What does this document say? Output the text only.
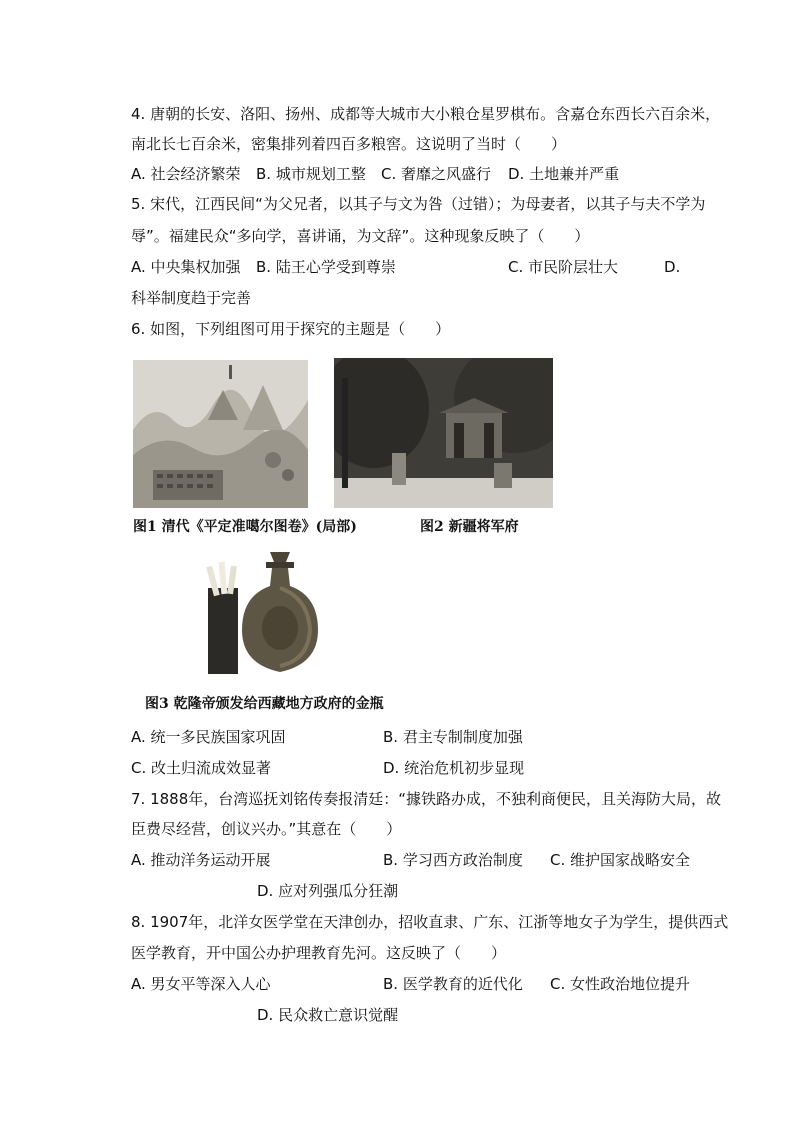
4. 唐朝的长安、洛阳、扬州、成都等大城市大小粮仓星罗棋布。含嘉仓东西长六百余米，
南北长七百余米，密集排列着四百多粮窖。这说明了当时（　　）
A. 社会经济繁荣 B. 城市规划工整 C. 奢靡之风盛行 D. 土地兼并严重
5. 宋代，江西民间“为父兄者，以其子与文为咎（过错）；为母妻者，以其子与夫不学为
辱”。福建民众“多向学，喜讲诵，为文辞”。这种现象反映了（　　）
A. 中央集权加强 B. 陆王心学受到尊崇	C. 市民阶层壮大	D.
科举制度趋于完善
6. 如图，下列组图可用于探究的主题是（　　）
图1 清代《平定准噶尔图卷》(局部)	图2 新疆将军府
图3 乾隆帝颁发给西藏地方政府的金瓶
A. 统一多民族国家巩固	B. 君主专制制度加强
C. 改土归流成效显著	D. 统治危机初步显现
7. 1888年，台湾巡抚刘铭传奏报清廷：“據铁路办成，不独利商便民，且关海防大局，故
臣费尽经营，创议兴办。”其意在（　　）
A. 推动洋务运动开展	B. 学习西方政治制度 C. 维护国家战略安全
D. 应对列强瓜分狂潮
8. 1907年，北洋女医学堂在天津创办，招收直隶、广东、江浙等地女子为学生，提供西式
医学教育，开中国公办护理教育先河。这反映了（　　）
A. 男女平等深入人心	B. 医学教育的近代化 C. 女性政治地位提升
D. 民众救亡意识觉醒
